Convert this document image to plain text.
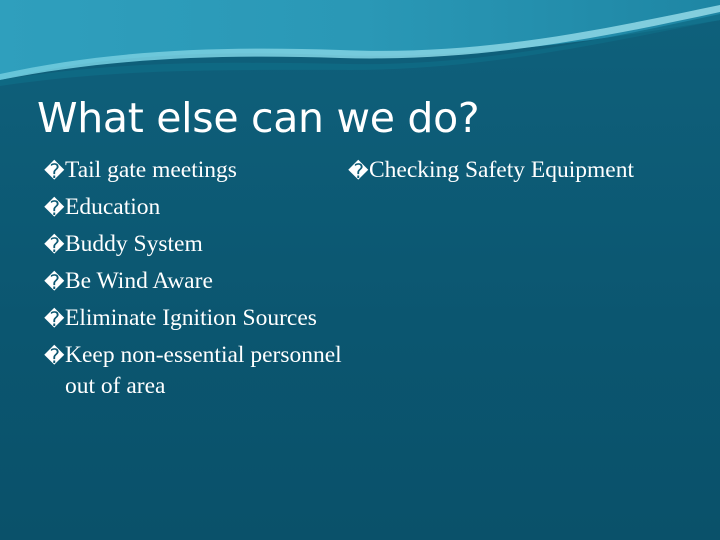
What else can we do?
� Tail gate meetings
� Education
� Buddy System
� Be Wind Aware
� Eliminate Ignition Sources
� Keep non-essential personnel out of area
� Checking Safety Equipment
